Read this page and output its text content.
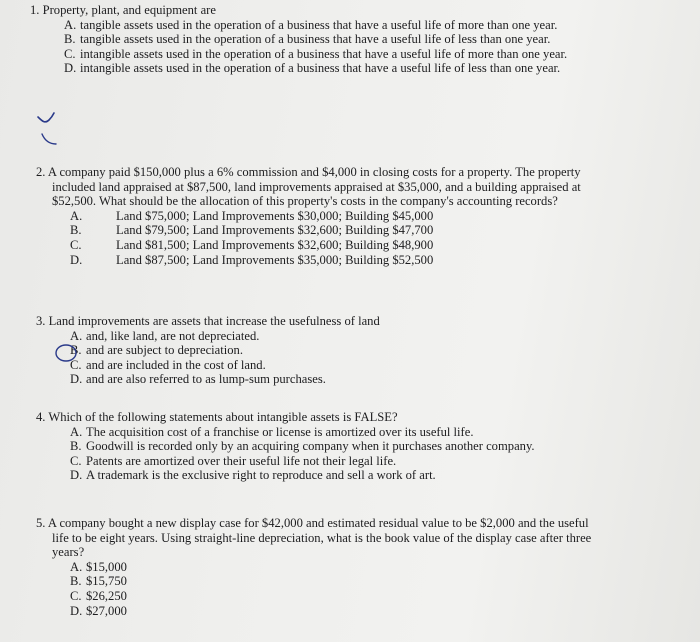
1. Property, plant, and equipment are

A. tangible assets used in the operation of a business that have a useful life of more than one year.

B. tangible assets used in the operation of a business that have a useful life of less than one year.

C. intangible assets used in the operation of a business that have a useful life of more than one year.

D. intangible assets used in the operation of a business that have a useful life of less than one year.

2. A company paid $150,000 plus a 6% commission and $4,000 in closing costs for a property. The property included land appraised at $87,500, land improvements appraised at $35,000, and a building appraised at $52,500. What should be the allocation of this property's costs in the company's accounting records?

A.	Land $75,000; Land Improvements $30,000; Building $45,000

B.	Land $79,500; Land Improvements $32,600; Building $47,700

C.	Land $81,500; Land Improvements $32,600; Building $48,900

D.	Land $87,500; Land Improvements $35,000; Building $52,500

3. Land improvements are assets that increase the usefulness of land

A. and, like land, are not depreciated.

B. and are subject to depreciation.

C. and are included in the cost of land.

D. and are also referred to as lump-sum purchases.

4. Which of the following statements about intangible assets is FALSE?

A. The acquisition cost of a franchise or license is amortized over its useful life.

B. Goodwill is recorded only by an acquiring company when it purchases another company.

C. Patents are amortized over their useful life not their legal life.

D. A trademark is the exclusive right to reproduce and sell a work of art.

5. A company bought a new display case for $42,000 and estimated residual value to be $2,000 and the useful life to be eight years. Using straight-line depreciation, what is the book value of the display case after three years?

A. $15,000

B. $15,750

C. $26,250

D. $27,000
